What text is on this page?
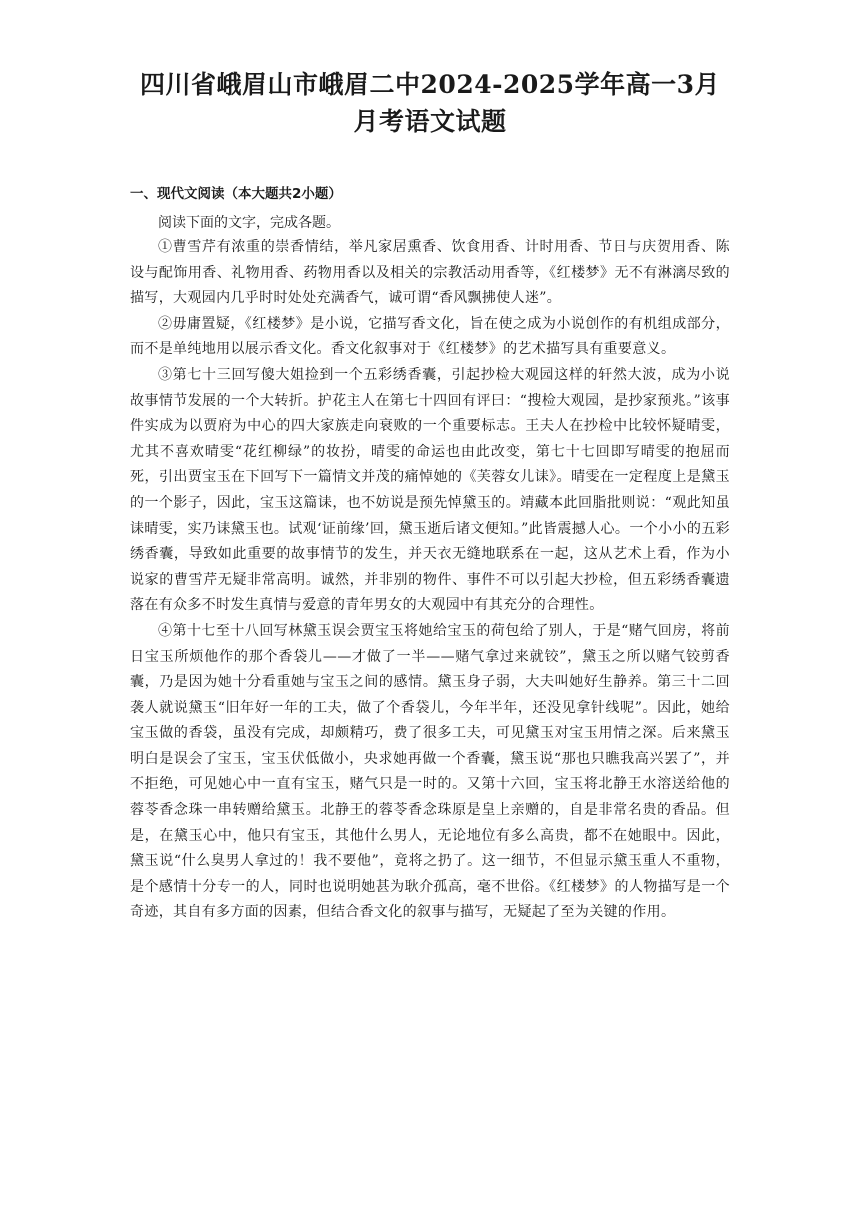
四川省峨眉山市峨眉二中2024-2025学年高一3月月考语文试题
一、现代文阅读（本大题共2小题）

阅读下面的文字，完成各题。

①曹雪芹有浓重的崇香情结，举凡家居熏香、饮食用香、计时用香、节日与庆贺用香、陈设与配饰用香、礼物用香、药物用香以及相关的宗教活动用香等，《红楼梦》无不有淋漓尽致的描写，大观园内几乎时时处处充满香气，诚可谓“香风飘拂使人迷”。

②毋庸置疑，《红楼梦》是小说，它描写香文化，旨在使之成为小说创作的有机组成部分，而不是单纯地用以展示香文化。香文化叙事对于《红楼梦》的艺术描写具有重要意义。

③第七十三回写傻大姐捡到一个五彩绣香囊，引起抄检大观园这样的轩然大波，成为小说故事情节发展的一个大转折。护花主人在第七十四回有评曰：“搜检大观园，是抄家预兆。”该事件实成为以贾府为中心的四大家族走向衰败的一个重要标志。王夫人在抄检中比较怀疑晴雯，尤其不喜欢晴雯“花红柳绿”的妆扮，晴雯的命运也由此改变，第七十七回即写晴雯的抱屈而死，引出贾宝玉在下回写下一篇情文并茂的痛悼她的《芙蓉女儿诔》。晴雯在一定程度上是黛玉的一个影子，因此，宝玉这篇诔，也不妨说是预先悼黛玉的。靖藏本此回脂批则说：“观此知虽诔晴雯，实乃诔黛玉也。试观‘证前缘’回，黛玉逝后诸文便知。”此皆震撼人心。一个小小的五彩绣香囊，导致如此重要的故事情节的发生，并天衣无缝地联系在一起，这从艺术上看，作为小说家的曹雪芹无疑非常高明。诚然，并非别的物件、事件不可以引起大抄检，但五彩绣香囊遗落在有众多不时发生真情与爱意的青年男女的大观园中有其充分的合理性。

④第十七至十八回写林黛玉误会贾宝玉将她给宝玉的荷包给了别人，于是“赌气回房，将前日宝玉所烦他作的那个香袋儿——才做了一半——赌气拿过来就铰”，黛玉之所以赌气铰剪香囊，乃是因为她十分看重她与宝玉之间的感情。黛玉身子弱，大夫叫她好生静养。第三十二回袭人就说黛玉“旧年好一年的工夫，做了个香袋儿，今年半年，还没见拿针线呢”。因此，她给宝玉做的香袋，虽没有完成，却颇精巧，费了很多工夫，可见黛玉对宝玉用情之深。后来黛玉明白是误会了宝玉，宝玉伏低做小，央求她再做一个香囊，黛玉说“那也只瞧我高兴罢了”，并不拒绝，可见她心中一直有宝玉，赌气只是一时的。又第十六回，宝玉将北静王水溶送给他的蓉苓香念珠一串转赠给黛玉。北静王的蓉苓香念珠原是皇上亲赠的，自是非常名贵的香品。但是，在黛玉心中，他只有宝玉，其他什么男人，无论地位有多么高贵，都不在她眼中。因此，黛玉说“什么臭男人拿过的！我不要他”，竟将之扔了。这一细节，不但显示黛玉重人不重物，是个感情十分专一的人，同时也说明她甚为耿介孤高，毫不世俗。《红楼梦》的人物描写是一个奇迹，其自有多方面的因素，但结合香文化的叙事与描写，无疑起了至为关键的作用。
